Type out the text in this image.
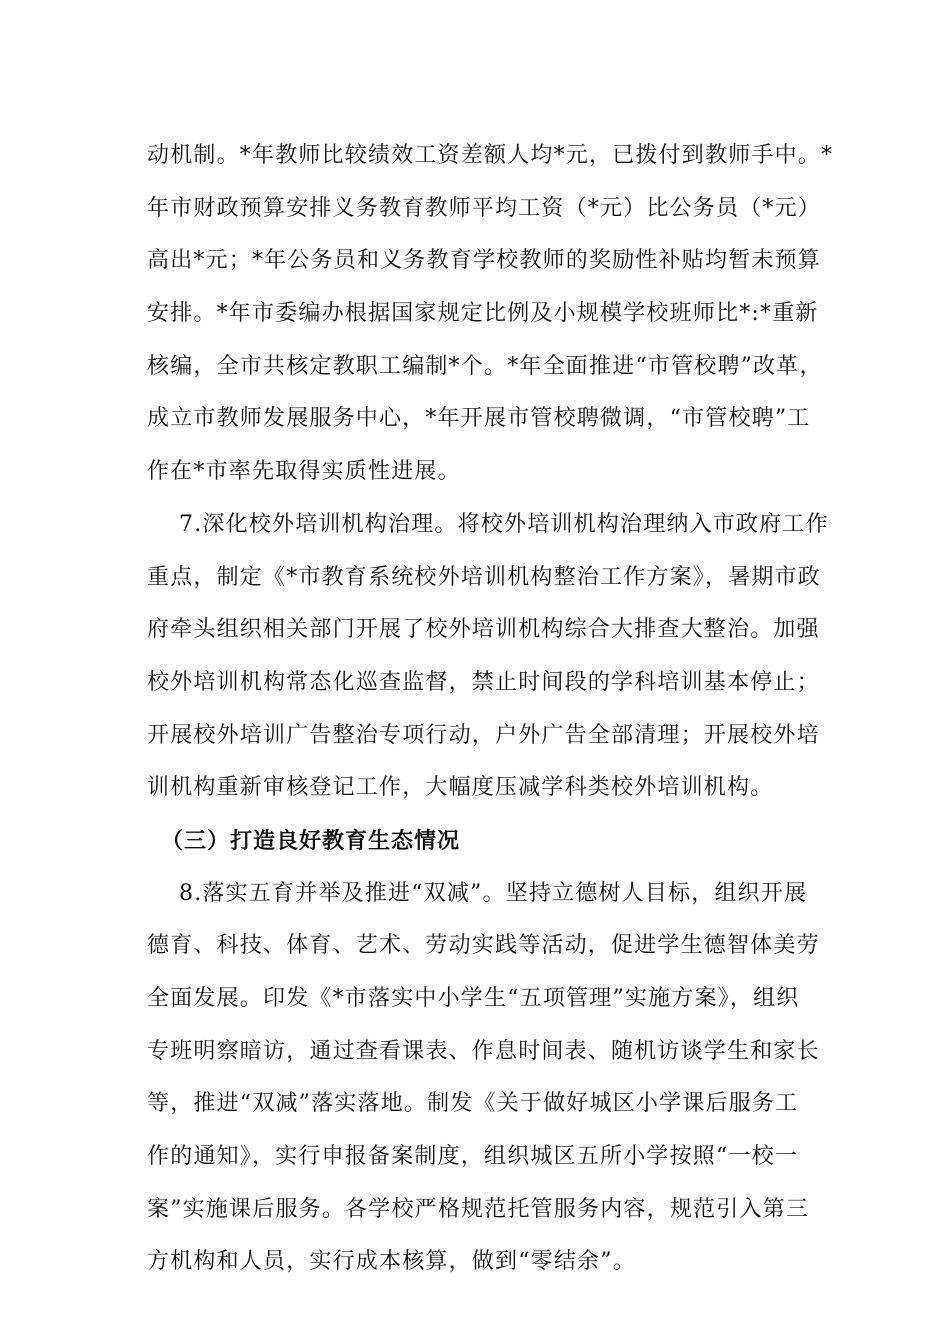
动机制。*年教师比较绩效工资差额人均*元，已拨付到教师手中。*
年市财政预算安排义务教育教师平均工资（*元）比公务员（*元）
高出*元；*年公务员和义务教育学校教师的奖励性补贴均暂未预算
安排。*年市委编办根据国家规定比例及小规模学校班师比*:*重新
核编，全市共核定教职工编制*个。*年全面推进“市管校聘”改革，
成立市教师发展服务中心，*年开展市管校聘微调，“市管校聘”工
作在*市率先取得实质性进展。
7.深化校外培训机构治理。将校外培训机构治理纳入市政府工作
重点，制定《*市教育系统校外培训机构整治工作方案》，暑期市政
府牵头组织相关部门开展了校外培训机构综合大排查大整治。加强
校外培训机构常态化巡查监督，禁止时间段的学科培训基本停止；
开展校外培训广告整治专项行动，户外广告全部清理；开展校外培
训机构重新审核登记工作，大幅度压减学科类校外培训机构。
（三）打造良好教育生态情况
8.落实五育并举及推进“双减”。坚持立德树人目标，组织开展
德育、科技、体育、艺术、劳动实践等活动，促进学生德智体美劳
全面发展。印发《*市落实中小学生“五项管理”实施方案》，组织
专班明察暗访，通过查看课表、作息时间表、随机访谈学生和家长
等，推进“双减”落实落地。制发《关于做好城区小学课后服务工
作的通知》，实行申报备案制度，组织城区五所小学按照“一校一
案”实施课后服务。各学校严格规范托管服务内容，规范引入第三
方机构和人员，实行成本核算，做到“零结余”。
